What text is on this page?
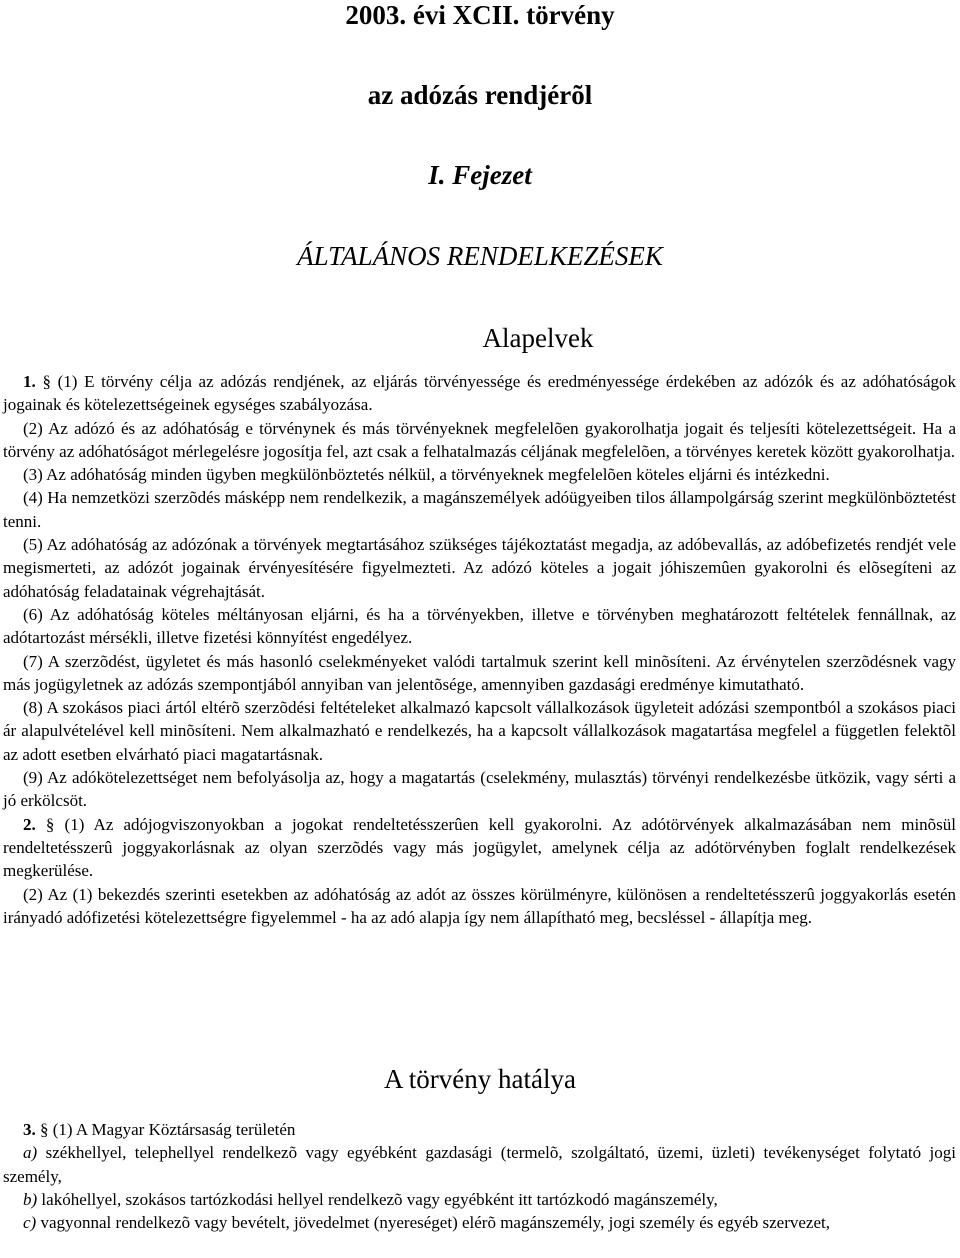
2003. évi XCII. törvény
az adózás rendjérõl
I. Fejezet
ÁLTALÁNOS RENDELKEZÉSEK
Alapelvek

1. § (1) E törvény célja az adózás rendjének, az eljárás törvényessége és eredményessége érdekében az adózók és az adóhatóságok jogainak és kötelezettségeinek egységes szabályozása.

(2) Az adózó és az adóhatóság e törvénynek és más törvényeknek megfelelõen gyakorolhatja jogait és teljesíti kötelezettségeit. Ha a törvény az adóhatóságot mérlegelésre jogosítja fel, azt csak a felhatalmazás céljának megfelelõen, a törvényes keretek között gyakorolhatja.

(3) Az adóhatóság minden ügyben megkülönböztetés nélkül, a törvényeknek megfelelõen köteles eljárni és intézkedni.

(4) Ha nemzetközi szerzõdés másképp nem rendelkezik, a magánszemélyek adóügyeiben tilos állampolgárság szerint megkülönböztetést tenni.

(5) Az adóhatóság az adózónak a törvények megtartásához szükséges tájékoztatást megadja, az adóbevallás, az adóbefizetés rendjét vele megismerteti, az adózót jogainak érvényesítésére figyelmezteti. Az adózó köteles a jogait jóhiszemûen gyakorolni és elõsegíteni az adóhatóság feladatainak végrehajtását.

(6) Az adóhatóság köteles méltányosan eljárni, és ha a törvényekben, illetve e törvényben meghatározott feltételek fennállnak, az adótartozást mérsékli, illetve fizetési könnyítést engedélyez.

(7) A szerzõdést, ügyletet és más hasonló cselekményeket valódi tartalmuk szerint kell minõsíteni. Az érvénytelen szerzõdésnek vagy más jogügyletnek az adózás szempontjából annyiban van jelentõsége, amennyiben gazdasági eredménye kimutatható.

(8) A szokásos piaci ártól eltérõ szerzõdési feltételeket alkalmazó kapcsolt vállalkozások ügyleteit adózási szempontból a szokásos piaci ár alapulvételével kell minõsíteni. Nem alkalmazható e rendelkezés, ha a kapcsolt vállalkozások magatartása megfelel a független felektõl az adott esetben elvárható piaci magatartásnak.

(9) Az adókötelezettséget nem befolyásolja az, hogy a magatartás (cselekmény, mulasztás) törvényi rendelkezésbe ütközik, vagy sérti a jó erkölcsöt.

2. § (1) Az adójogviszonyokban a jogokat rendeltetésszerûen kell gyakorolni. Az adótörvények alkalmazásában nem minõsül rendeltetésszerû joggyakorlásnak az olyan szerzõdés vagy más jogügylet, amelynek célja az adótörvényben foglalt rendelkezések megkerülése.

(2) Az (1) bekezdés szerinti esetekben az adóhatóság az adót az összes körülményre, különösen a rendeltetésszerû joggyakorlás esetén irányadó adófizetési kötelezettségre figyelemmel - ha az adó alapja így nem állapítható meg, becsléssel - állapítja meg.

A törvény hatálya

3. § (1) A Magyar Köztársaság területén

a) székhellyel, telephellyel rendelkezõ vagy egyébként gazdasági (termelõ, szolgáltató, üzemi, üzleti) tevékenységet folytató jogi személy,

b) lakóhellyel, szokásos tartózkodási hellyel rendelkezõ vagy egyébként itt tartózkodó magánszemély,

c) vagyonnal rendelkezõ vagy bevételt, jövedelmet (nyereséget) elérõ magánszemély, jogi személy és egyéb szervezet,
